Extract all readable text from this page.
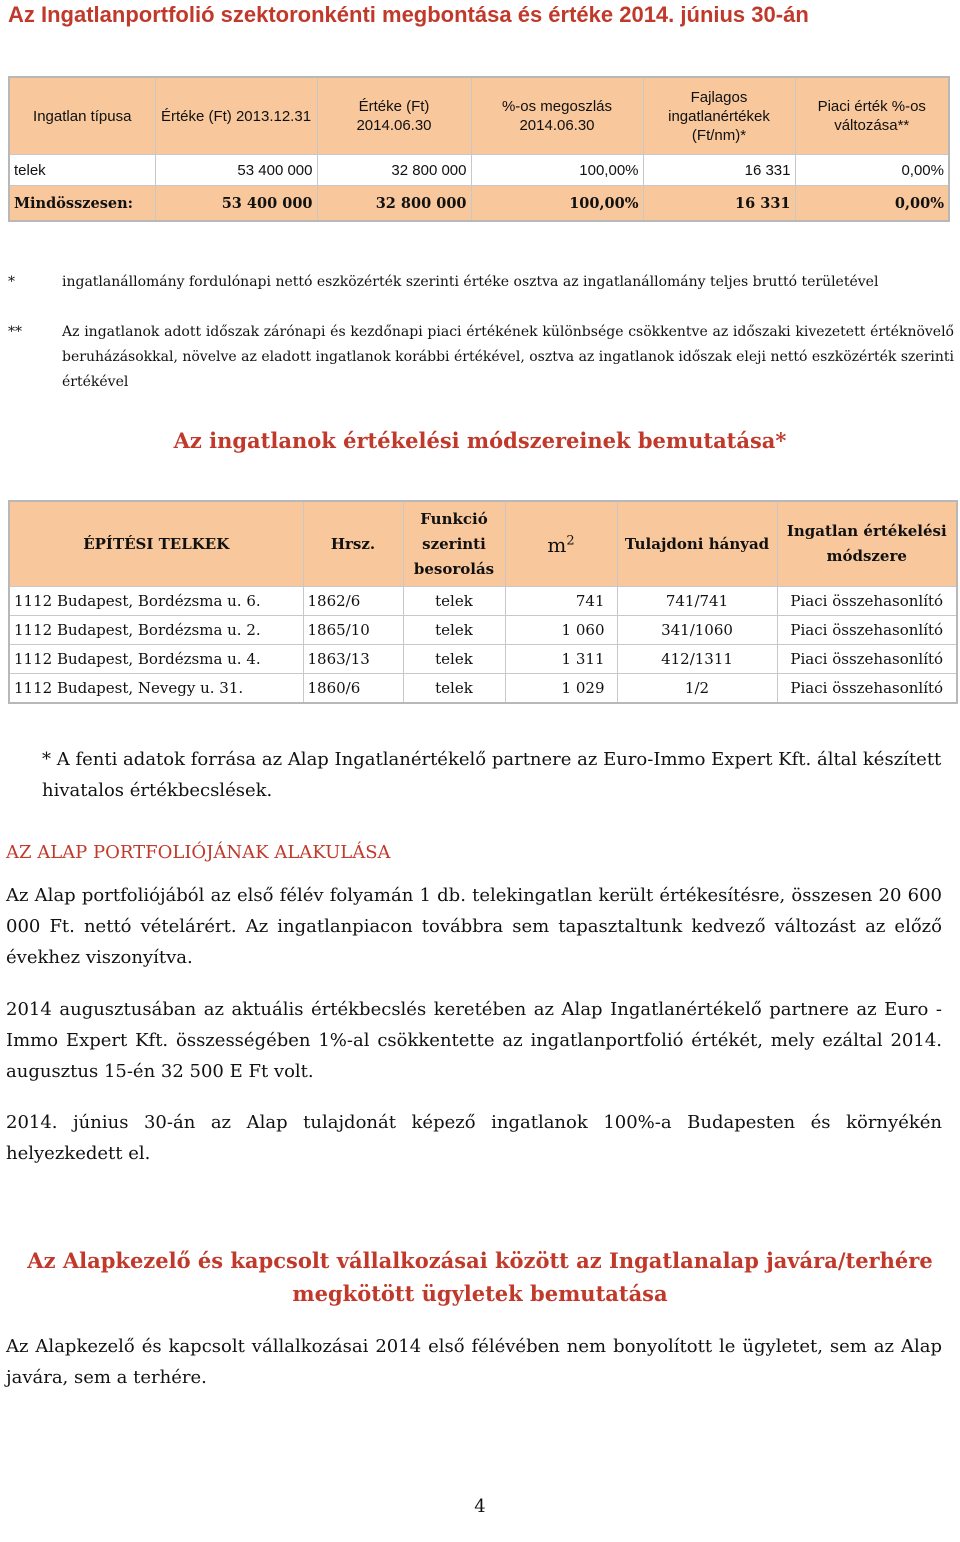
Az Ingatlanportfolió szektoronkénti megbontása és értéke 2014. június 30-án
Ingatlan típusa	Értéke (Ft) 2013.12.31	Értéke (Ft) 2014.06.30	%-os megoszlás 2014.06.30	Fajlagos ingatlanértékek (Ft/nm)*	Piaci érték %-os változása**
telek	53 400 000	32 800 000	100,00%	16 331	0,00%
Mindösszesen:	53 400 000	32 800 000	100,00%	16 331	0,00%
*	ingatlanállomány fordulónapi nettó eszközérték szerinti értéke osztva az ingatlanállomány teljes bruttó területével
**	Az ingatlanok adott időszak zárónapi és kezdőnapi piaci értékének különbsége csökkentve az időszaki kivezetett értéknövelő beruházásokkal, növelve az eladott ingatlanok korábbi értékével, osztva az ingatlanok időszak eleji nettó eszközérték szerinti értékével
Az ingatlanok értékelési módszereinek bemutatása*
ÉPÍTÉSI TELKEK	Hrsz.	Funkció szerinti besorolás	$m^2$	Tulajdoni hányad	Ingatlan értékelési módszere
1112 Budapest, Bordézsma u. 6.	1862/6	telek	741	741/741	Piaci összehasonlító
1112 Budapest, Bordézsma u. 2.	1865/10	telek	1 060	341/1060	Piaci összehasonlító
1112 Budapest, Bordézsma u. 4.	1863/13	telek	1 311	412/1311	Piaci összehasonlító
1112 Budapest, Nevegy u. 31.	1860/6	telek	1 029	1/2	Piaci összehasonlító

* A fenti adatok forrása az Alap Ingatlanértékelő partnere az Euro-Immo Expert Kft. által készített hivatalos értékbecslések.

AZ ALAP PORTFOLIÓJÁNAK ALAKULÁSA

Az Alap portfoliójából az első félév folyamán 1 db. telekingatlan került értékesítésre, összesen 20 600 000 Ft. nettó vételárért. Az ingatlanpiacon továbbra sem tapasztaltunk kedvező változást az előző évekhez viszonyítva.

2014 augusztusában az aktuális értékbecslés keretében az Alap Ingatlanértékelő partnere az Euro - Immo Expert Kft. összességében 1%-al csökkentette az ingatlanportfolió értékét, mely ezáltal 2014. augusztus 15-én 32 500 E Ft volt.

2014. június 30-án az Alap tulajdonát képező ingatlanok 100%-a Budapesten és környékén helyezkedett el.

Az Alapkezelő és kapcsolt vállalkozásai között az Ingatlanalap javára/terhére
megkötött ügyletek bemutatása

Az Alapkezelő és kapcsolt vállalkozásai 2014 első félévében nem bonyolított le ügyletet, sem az Alap javára, sem a terhére.

4
